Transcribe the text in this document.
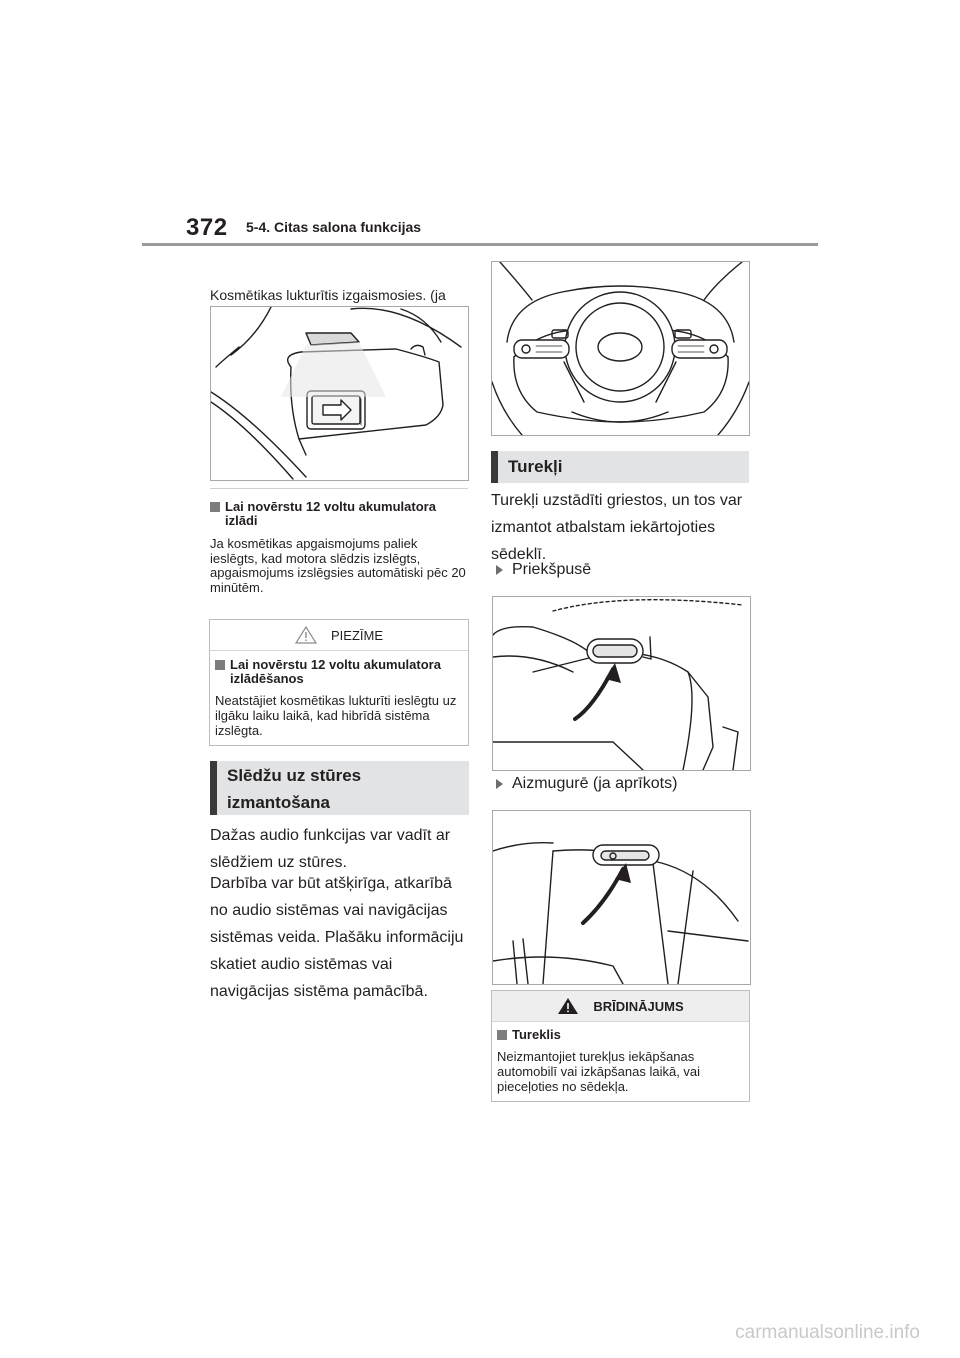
372 5-4. Citas salona funkcijas
Kosmētikas lukturītis izgaismosies. (ja
Lai novērstu 12 voltu akumulatora izlādi
Ja kosmētikas apgaismojums paliek ieslēgts, kad motora slēdzis izslēgts, apgaismojums izslēgsies automātiski pēc 20 minūtēm.
PIEZĪME
Lai novērstu 12 voltu akumulatora izlādēšanos
Neatstājiet kosmētikas lukturīti ieslēgtu uz ilgāku laiku laikā, kad hibrīdā sistēma izslēgta.
Slēdžu uz stūres izmantošana
Dažas audio funkcijas var vadīt ar slēdžiem uz stūres.
Darbība var būt atšķirīga, atkarībā no audio sistēmas vai navigācijas sistēmas veida. Plašāku informāciju skatiet audio sistēmas vai navigācijas sistēma pamācībā.
Turekļi
Turekļi uzstādīti griestos, un tos var izmantot atbalstam iekārtojoties sēdeklī.
Priekšpusē
Aizmugurē (ja aprīkots)
BRĪDINĀJUMS
Tureklis
Neizmantojiet turekļus iekāpšanas automobilī vai izkāpšanas laikā, vai pieceļoties no sēdekļa.
carmanualsonline.info
